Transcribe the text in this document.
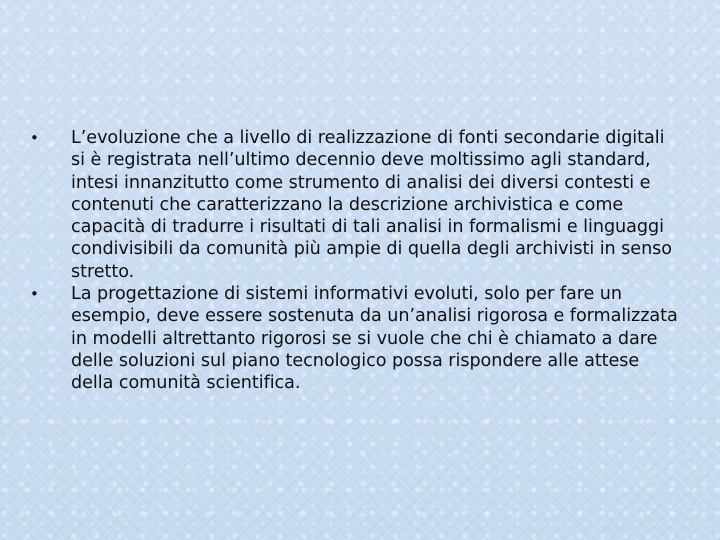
•	L’evoluzione che a livello di realizzazione di fonti secondarie digitali si è registrata nell’ultimo decennio deve moltissimo agli standard, intesi innanzitutto come strumento di analisi dei diversi contesti e contenuti che caratterizzano la descrizione archivistica e come capacità di tradurre i risultati di tali analisi in formalismi e linguaggi condivisibili da comunità più ampie di quella degli archivisti in senso stretto.
•	La progettazione di sistemi informativi evoluti, solo per fare un esempio, deve essere sostenuta da un’analisi rigorosa e formalizzata in modelli altrettanto rigorosi se si vuole che chi è chiamato a dare delle soluzioni sul piano tecnologico possa rispondere alle attese della comunità scientifica.
